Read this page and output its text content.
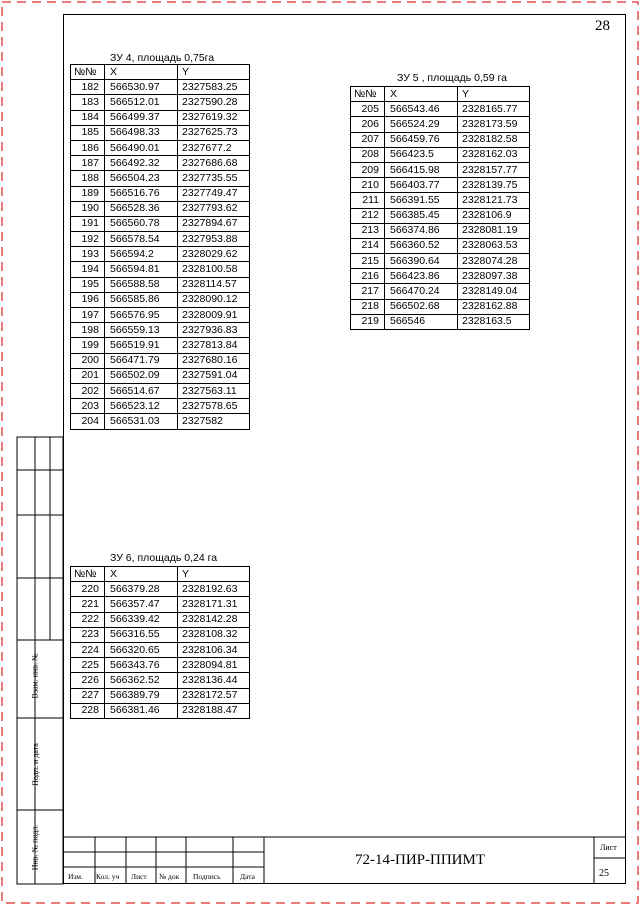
28
ЗУ 4, площадь 0,75га
№№	X	Y
182	566530.97	2327583.25
183	566512.01	2327590.28
184	566499.37	2327619.32
185	566498.33	2327625.73
186	566490.01	2327677.2
187	566492.32	2327686.68
188	566504.23	2327735.55
189	566516.76	2327749.47
190	566528.36	2327793.62
191	566560.78	2327894.67
192	566578.54	2327953.88
193	566594.2	2328029.62
194	566594.81	2328100.58
195	566588.58	2328114.57
196	566585.86	2328090.12
197	566576.95	2328009.91
198	566559.13	2327936.83
199	566519.91	2327813.84
200	566471.79	2327680.16
201	566502.09	2327591.04
202	566514.67	2327563.11
203	566523.12	2327578.65
204	566531.03	2327582
ЗУ 5 , площадь 0,59 га
№№	X	Y
205	566543.46	2328165.77
206	566524.29	2328173.59
207	566459.76	2328182.58
208	566423.5	2328162.03
209	566415.98	2328157.77
210	566403.77	2328139.75
211	566391.55	2328121.73
212	566385.45	2328106.9
213	566374.86	2328081.19
214	566360.52	2328063.53
215	566390.64	2328074.28
216	566423.86	2328097.38
217	566470.24	2328149.04
218	566502.68	2328162.88
219	566546	2328163.5
ЗУ 6, площадь 0,24 га
№№	X	Y
220	566379.28	2328192.63
221	566357.47	2328171.31
222	566339.42	2328142.28
223	566316.55	2328108.32
224	566320.65	2328106.34
225	566343.76	2328094.81
226	566362.52	2328136.44
227	566389.79	2328172.57
228	566381.46	2328188.47
Взам. инв. №
Подп. и дата
Инв. № подл.
Изм. Кол. уч Лист № док Подпись	Дата
72-14-ПИР-ППИМТ
Лист
25
